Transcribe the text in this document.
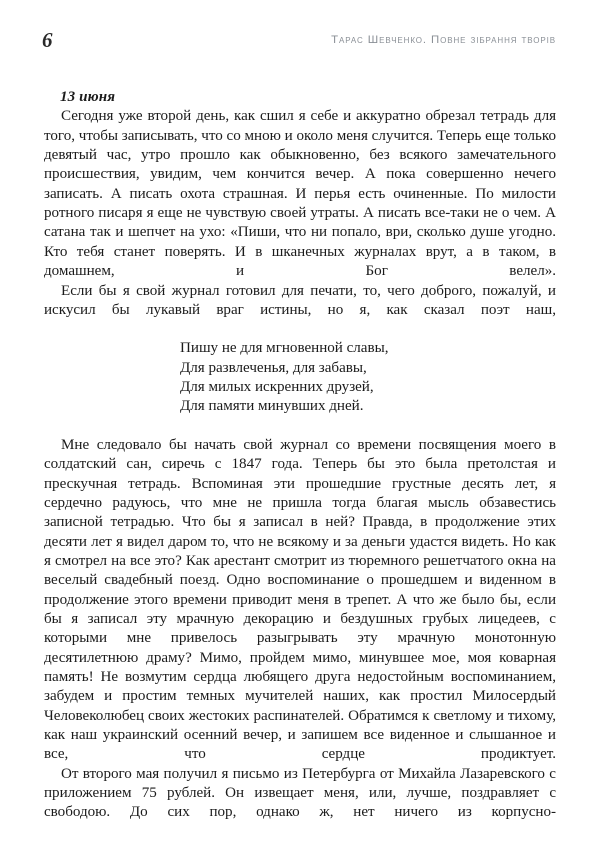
6	Тарас Шевченко. Повне зібрання творів
13 июня

Сегодня уже второй день, как сшил я себе и аккуратно обрезал тетрадь для того, чтобы записывать, что со мною и около меня случится. Теперь еще только девятый час, утро прошло как обыкновенно, без всякого замечательного происшествия, увидим, чем кончится вечер. А пока совершенно нечего записать. А писать охота страшная. И перья есть очиненные. По милости ротного писаря я еще не чувствую своей утраты. А писать все-таки не о чем. А сатана так и шепчет на ухо: «Пиши, что ни попало, ври, сколько душе угодно. Кто тебя станет поверять. И в шканечных журналах врут, а в таком, в домашнем, и Бог велел».

Если бы я свой журнал готовил для печати, то, чего доброго, пожалуй, и искусил бы лукавый враг истины, но я, как сказал поэт наш,

Пишу не для мгновенной славы,
Для развлеченья, для забавы,
Для милых искренних друзей,
Для памяти минувших дней.

Мне следовало бы начать свой журнал со времени посвящения моего в солдатский сан, сиречь с 1847 года. Теперь бы это была претолстая и прескучная тетрадь. Вспоминая эти прошедшие грустные десять лет, я сердечно радуюсь, что мне не пришла тогда благая мысль обзавестись записной тетрадью. Что бы я записал в ней? Правда, в продолжение этих десяти лет я видел даром то, что не всякому и за деньги удастся видеть. Но как я смотрел на все это? Как арестант смотрит из тюремного решетчатого окна на веселый свадебный поезд. Одно воспоминание о прошедшем и виденном в продолжение этого времени приводит меня в трепет. А что же было бы, если бы я записал эту мрачную декорацию и бездушных грубых лицедеев, с которыми мне привелось разыгрывать эту мрачную монотонную десятилетнюю драму? Мимо, пройдем мимо, минувшее мое, моя коварная память! Не возмутим сердца любящего друга недостойным воспоминанием, забудем и простим темных мучителей наших, как простил Милосердый Человеколюбец своих жестоких распинателей. Обратимся к светлому и тихому, как наш украинский осенний вечер, и запишем все виденное и слышанное и все, что сердце продиктует.

От второго мая получил я письмо из Петербурга от Михайла Лазаревского с приложением 75 рублей. Он извещает меня, или, лучше, поздравляет с свободою. До сих пор, однако ж, нет ничего из корпусно-
